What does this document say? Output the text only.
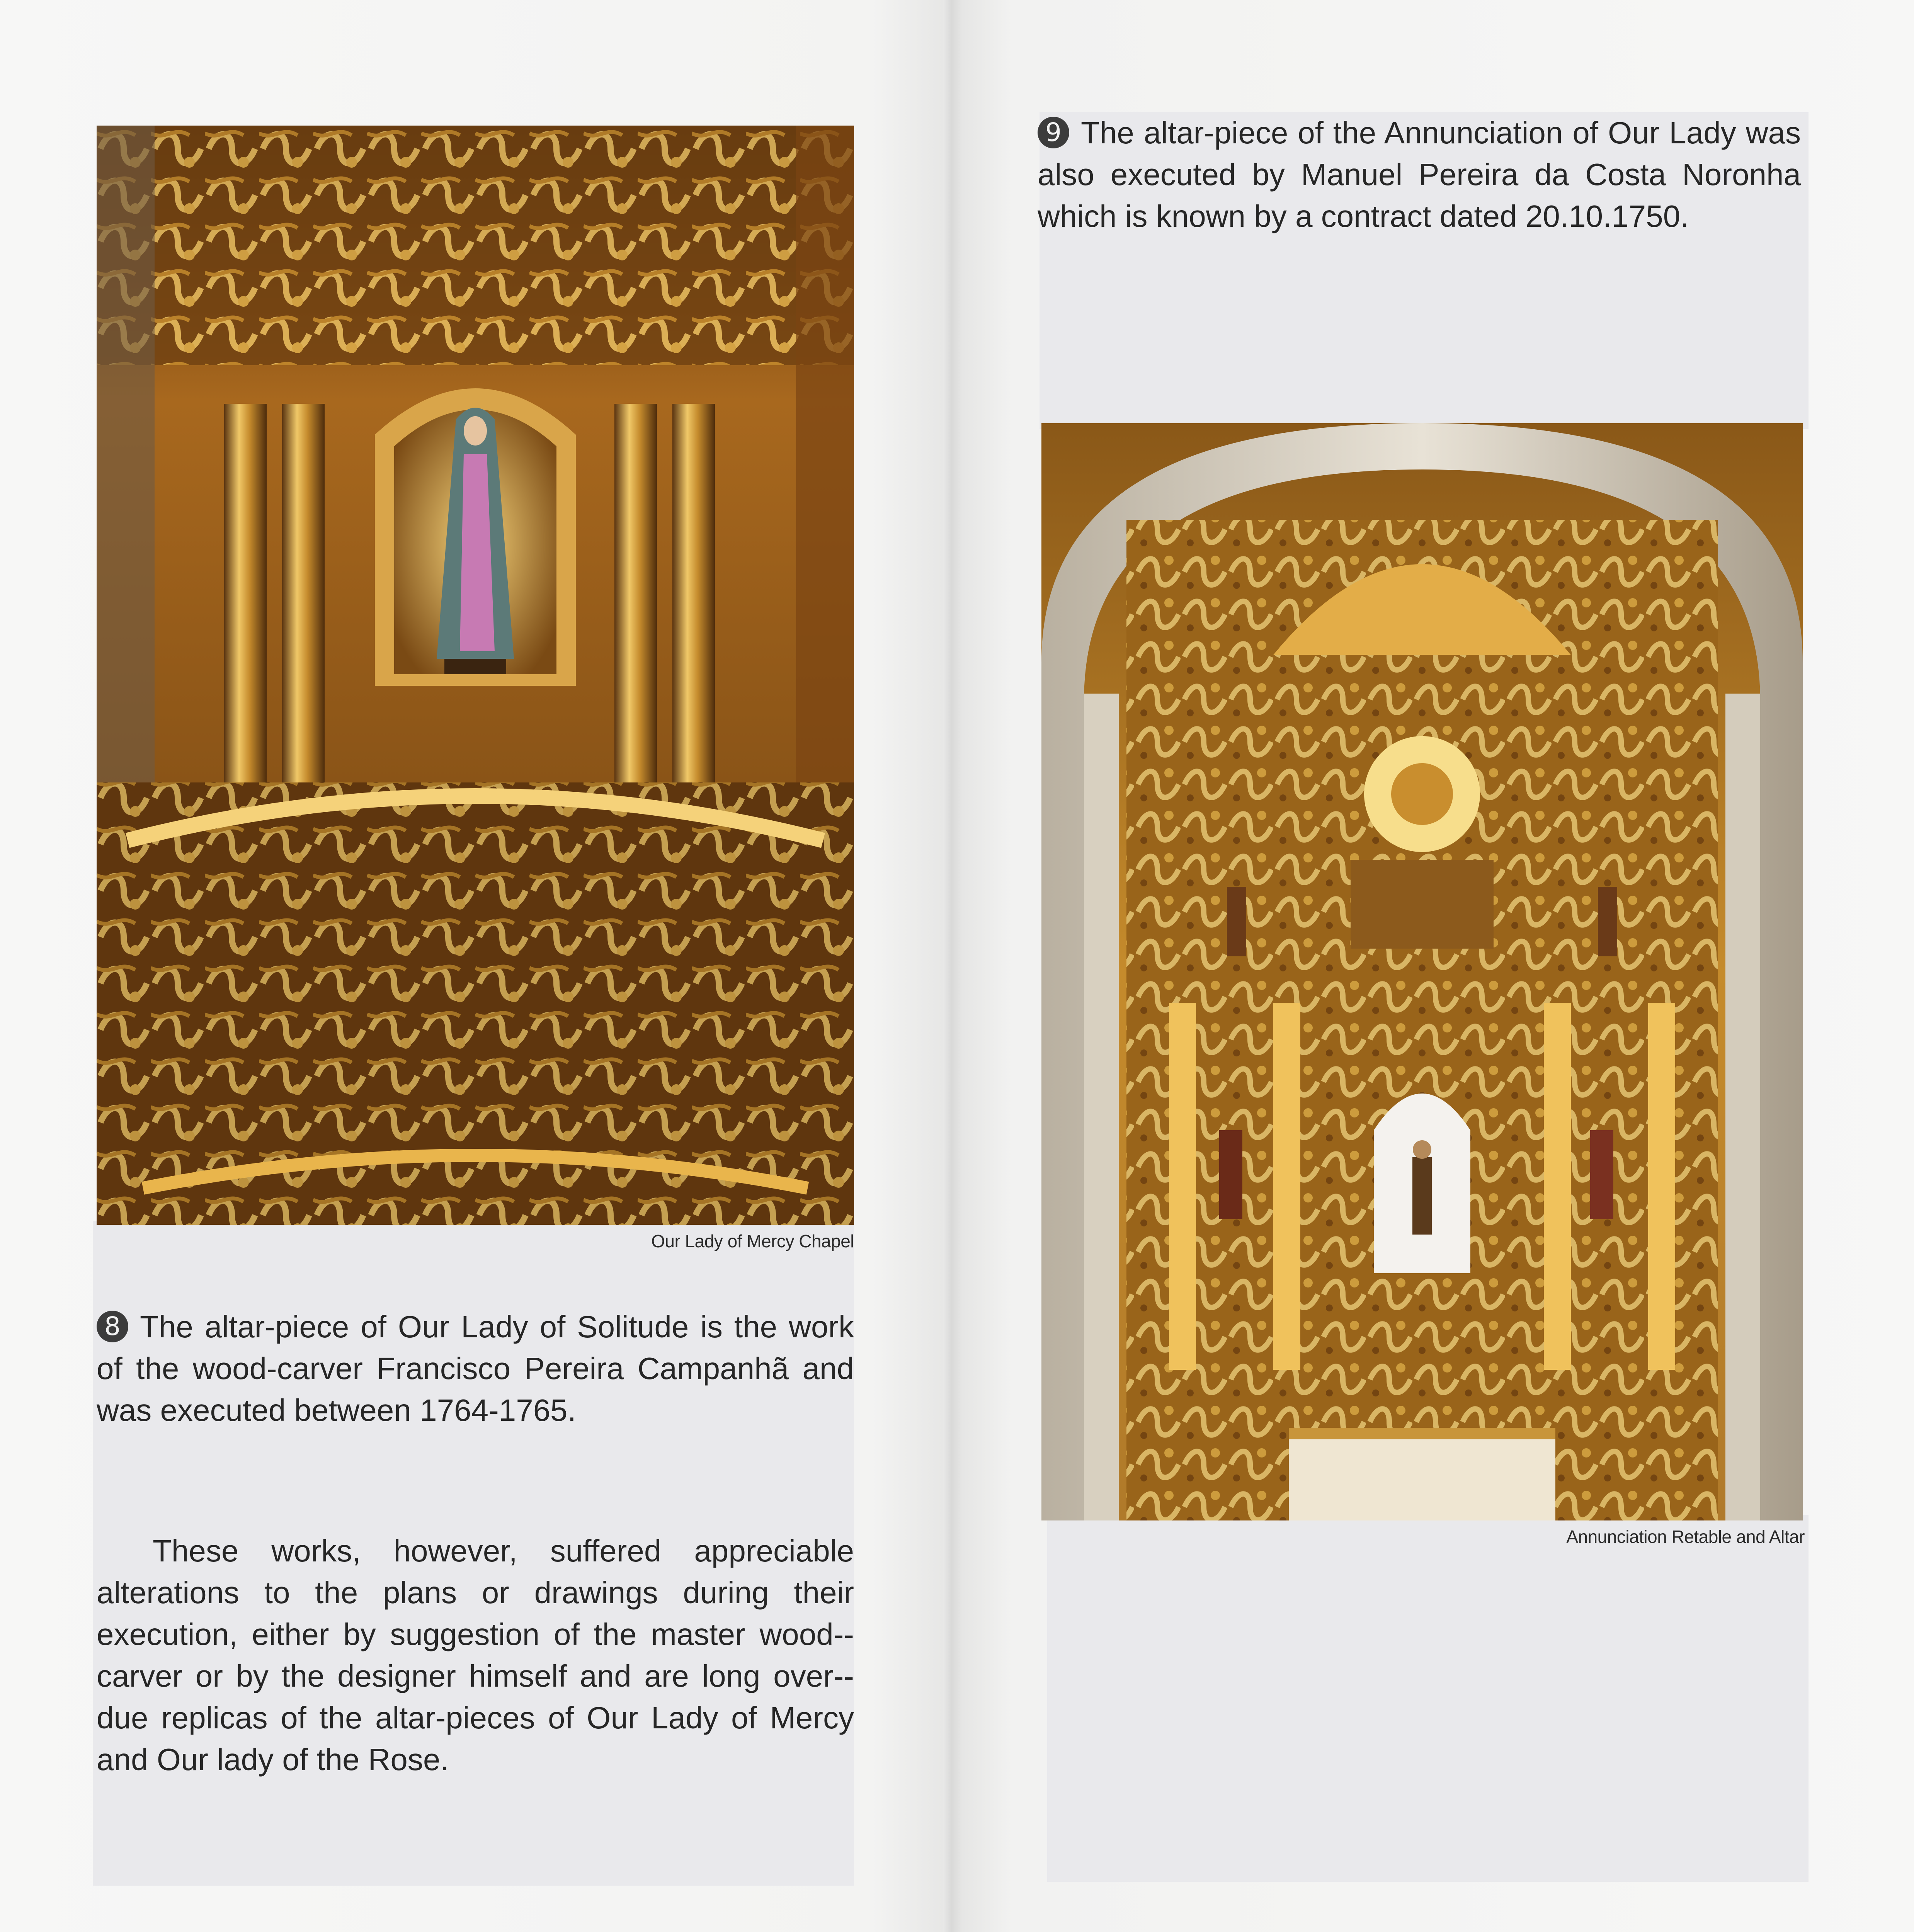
Our Lady of Mercy Chapel

8 The altar-piece of Our Lady of Solitude is the work of the wood-carver Francisco Pereira Campanhã and was executed between 1764-1765.

These works, however, suffered appreciable alterations to the plans or drawings during their execution, either by suggestion of the master wood--carver or by the designer himself and are long over--due replicas of the altar-pieces of Our Lady of Mercy and Our lady of the Rose.

⠀

9 The altar-piece of the Annunciation of Our Lady was also executed by Manuel Pereira da Costa Noronha which is known by a contract dated 20.10.1750.

Annunciation Retable and Altar
